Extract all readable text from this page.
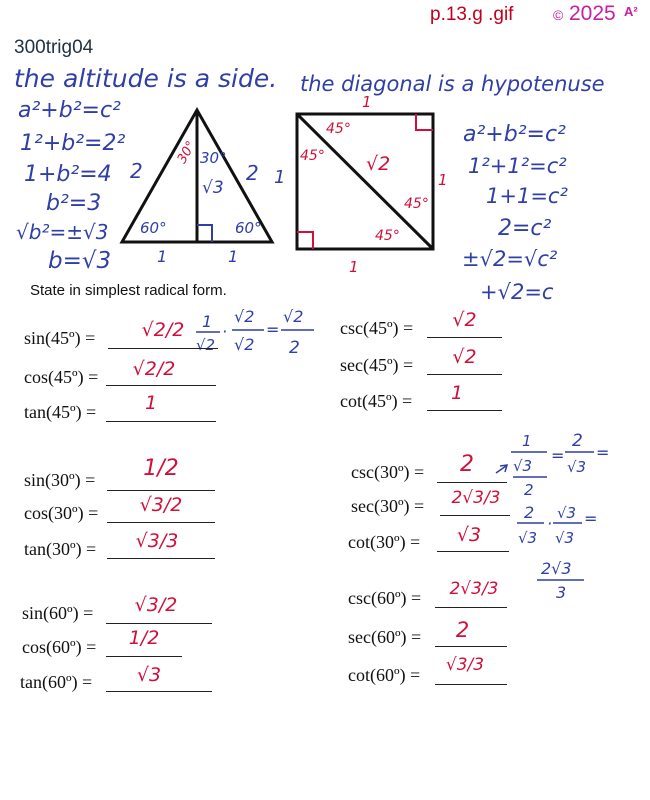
p.13.g .gif	© 2025 A²
300trig04
the altitude is a side. the diagonal is a hypotenuse
a²+b²=c²
1²+b²=2²
1+b²=4
b²=3
√b²=±√3
b=√3
a²+b²=c²
1²+1²=c²
1+1=c²
2=c²
±√2=√c²
+√2=c
2	2 1
1	1
√3
30° 30°
60°	60°
1
1
1
√2
45°
45°
45°
45°
1
√2
·
√2
√2
=
√2
2
1
√3
2
=
2
√3
=
2
√3
·
√3
√3
=
2√3
3
State in simplest radical form.
sin(45º) =	√2/2
cos(45º) =	√2/2
tan(45º) =	1
csc(45º) =	√2
sec(45º) =	√2
cot(45º) =	1
sin(30º) =	1/2
cos(30º) =	√3/2
tan(30º) =	√3/3
csc(30º) =	2
sec(30º) =	2√3/3
cot(30º) =	√3
sin(60º) =	√3/2
cos(60º) =	1/2
tan(60º) =	√3
csc(60º) =	2√3/3
sec(60º) =	2
cot(60º) =	√3/3
